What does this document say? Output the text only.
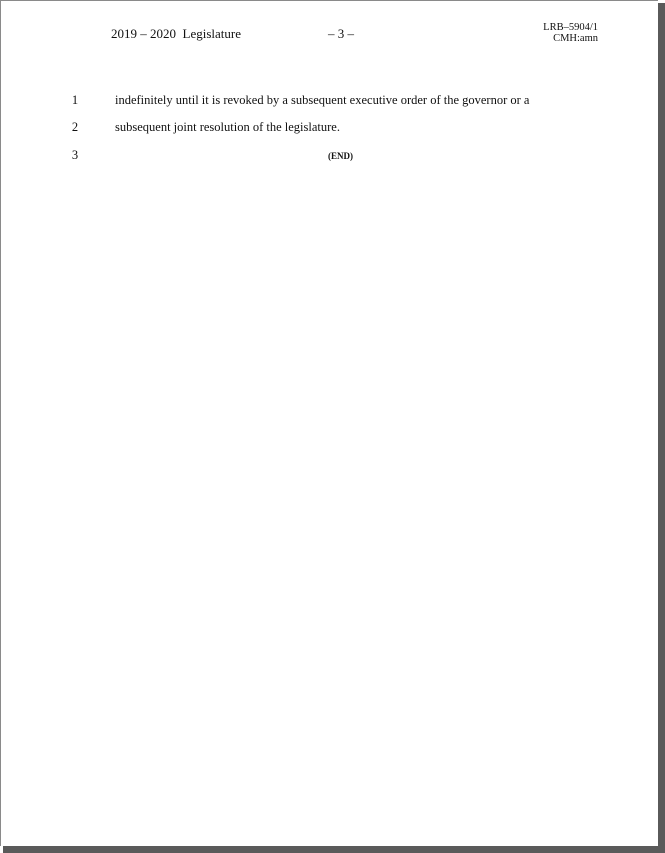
2019 – 2020  Legislature	– 3 –	LRB–5904/1
CMH:amn
1	indefinitely until it is revoked by a subsequent executive order of the governor or a
2	subsequent joint resolution of the legislature.
3	(END)
